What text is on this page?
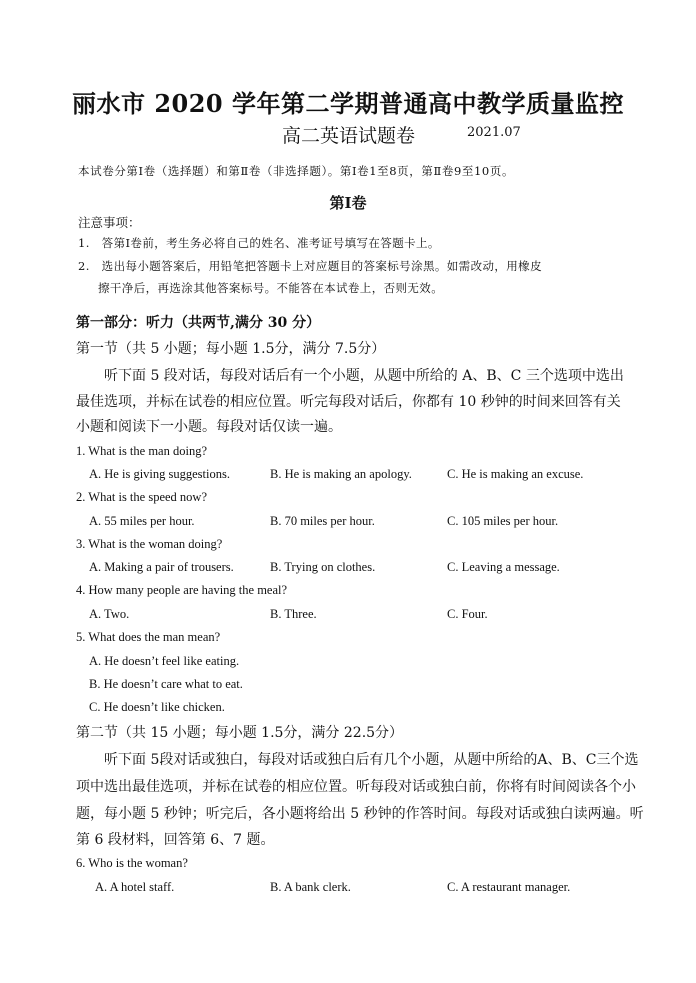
丽水市 2020 学年第二学期普通高中教学质量监控
高二英语试题卷	2021.07
本试卷分第Ⅰ卷（选择题）和第Ⅱ卷（非选择题）。第Ⅰ卷1至8页，第Ⅱ卷9至10页。
第Ⅰ卷
注意事项：
1.　答第Ⅰ卷前，考生务必将自己的姓名、准考证号填写在答题卡上。
2.　选出每小题答案后，用铅笔把答题卡上对应题目的答案标号涂黑。如需改动，用橡皮
擦干净后，再选涂其他答案标号。不能答在本试卷上，否则无效。
第一部分：听力（共两节,满分 30 分）
第一节（共 5 小题；每小题 1.5分，满分 7.5分）
听下面 5 段对话，每段对话后有一个小题，从题中所给的 A、B、C 三个选项中选出
最佳选项，并标在试卷的相应位置。听完每段对话后，你都有 10 秒钟的时间来回答有关
小题和阅读下一小题。每段对话仅读一遍。
1. What is the man doing?
A. He is giving suggestions.	B. He is making an apology.	C. He is making an excuse.
2. What is the speed now?
A. 55 miles per hour.	B. 70 miles per hour.	C. 105 miles per hour.
3. What is the woman doing?
A. Making a pair of trousers.	B. Trying on clothes.	C. Leaving a message.
4. How many people are having the meal?
A. Two.	B. Three.	C. Four.
5. What does the man mean?
A. He doesn’t feel like eating.
B. He doesn’t care what to eat.
C. He doesn’t like chicken.
第二节（共 15 小题；每小题 1.5分，满分 22.5分）
听下面 5段对话或独白，每段对话或独白后有几个小题，从题中所给的A、B、C三个选
项中选出最佳选项，并标在试卷的相应位置。听每段对话或独白前，你将有时间阅读各个小
题，每小题 5 秒钟；听完后，各小题将给出 5 秒钟的作答时间。每段对话或独白读两遍。听
第 6 段材料，回答第 6、7 题。
6. Who is the woman?
A. A hotel staff.	B. A bank clerk.	C. A restaurant manager.
